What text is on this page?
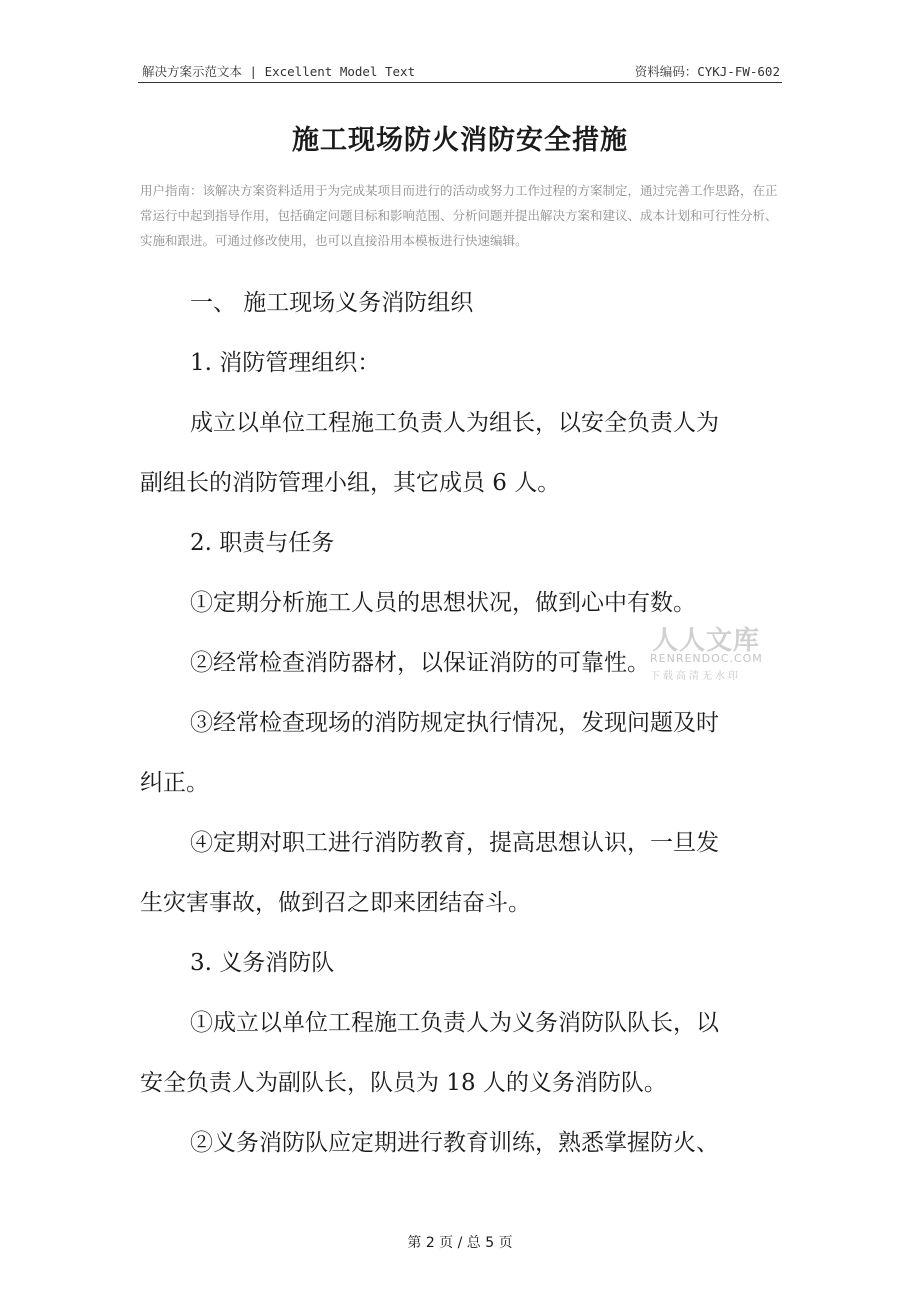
解决方案示范文本 | Excellent Model Text	资料编码：CYKJ-FW-602
施工现场防火消防安全措施
用户指南：该解决方案资料适用于为完成某项目而进行的活动或努力工作过程的方案制定，通过完善工作思路，在正常运行中起到指导作用，包括确定问题目标和影响范围、分析问题并提出解决方案和建议、成本计划和可行性分析、实施和跟进。可通过修改使用，也可以直接沿用本模板进行快速编辑。
一、 施工现场义务消防组织
1. 消防管理组织：
成立以单位工程施工负责人为组长，以安全负责人为
副组长的消防管理小组，其它成员 6 人。
2. 职责与任务
①定期分析施工人员的思想状况，做到心中有数。
②经常检查消防器材，以保证消防的可靠性。
③经常检查现场的消防规定执行情况，发现问题及时
纠正。
④定期对职工进行消防教育，提高思想认识，一旦发
生灾害事故，做到召之即来团结奋斗。
3. 义务消防队
①成立以单位工程施工负责人为义务消防队队长，以
安全负责人为副队长，队员为 18 人的义务消防队。
②义务消防队应定期进行教育训练，熟悉掌握防火、
人人文库
RENRENDOC.COM
下载高清无水印
第 2 页 / 总 5 页
